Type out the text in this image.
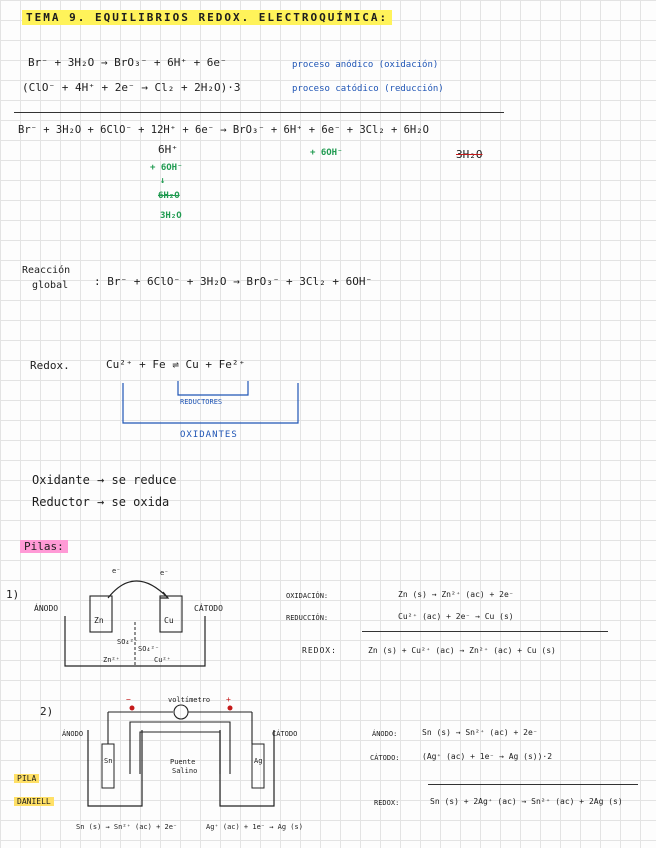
TEMA 9. EQUILIBRIOS REDOX. ELECTROQUÍMICA:
Br⁻ + 3H₂O → BrO₃⁻ + 6H⁺ + 6e⁻	proceso anódico (oxidación)
(ClO⁻ + 4H⁺ + 2e⁻ → Cl₂ + 2H₂O)·3	proceso catódico (reducción)
Br⁻ + 3H₂O + 6ClO⁻ + 12H⁺ + 6e⁻ → BrO₃⁻ + 6H⁺ + 6e⁻ + 3Cl₂ + 6H₂O
6H⁺
+ 6OH⁻
↓
6H₂O
3H₂O
+ 6OH⁻	3H₂O
Reacción
global : Br⁻ + 6ClO⁻ + 3H₂O → BrO₃⁻ + 3Cl₂ + 6OH⁻
Redox.	Cu²⁺ + Fe ⇌ Cu + Fe²⁺
REDUCTORES
OXIDANTES
Oxidante → se reduce
Reductor → se oxida
Pilas:
1)
ÁNODO	CÁTODO
e⁻	e⁻
Zn	Cu
SO₄²⁻
SO₄²⁻
Zn²⁺	Cu²⁺
OXIDACIÓN:	Zn (s) → Zn²⁺ (ac) + 2e⁻
REDUCCIÓN:	Cu²⁺ (ac) + 2e⁻ → Cu (s)
REDOX:	Zn (s) + Cu²⁺ (ac) → Zn²⁺ (ac) + Cu (s)
2)
voltímetro
ÁNODO	CÁTODO
−	+
Sn	Ag
Puente
Salino
ÁNODO:	Sn (s) → Sn²⁺ (ac) + 2e⁻
CÁTODO:	(Ag⁺ (ac) + 1e⁻ → Ag (s))·2
REDOX:	Sn (s) + 2Ag⁺ (ac) → Sn²⁺ (ac) + 2Ag (s)
Sn (s) → Sn²⁺ (ac) + 2e⁻	Ag⁺ (ac) + 1e⁻ → Ag (s)
PILA
DANIELL
